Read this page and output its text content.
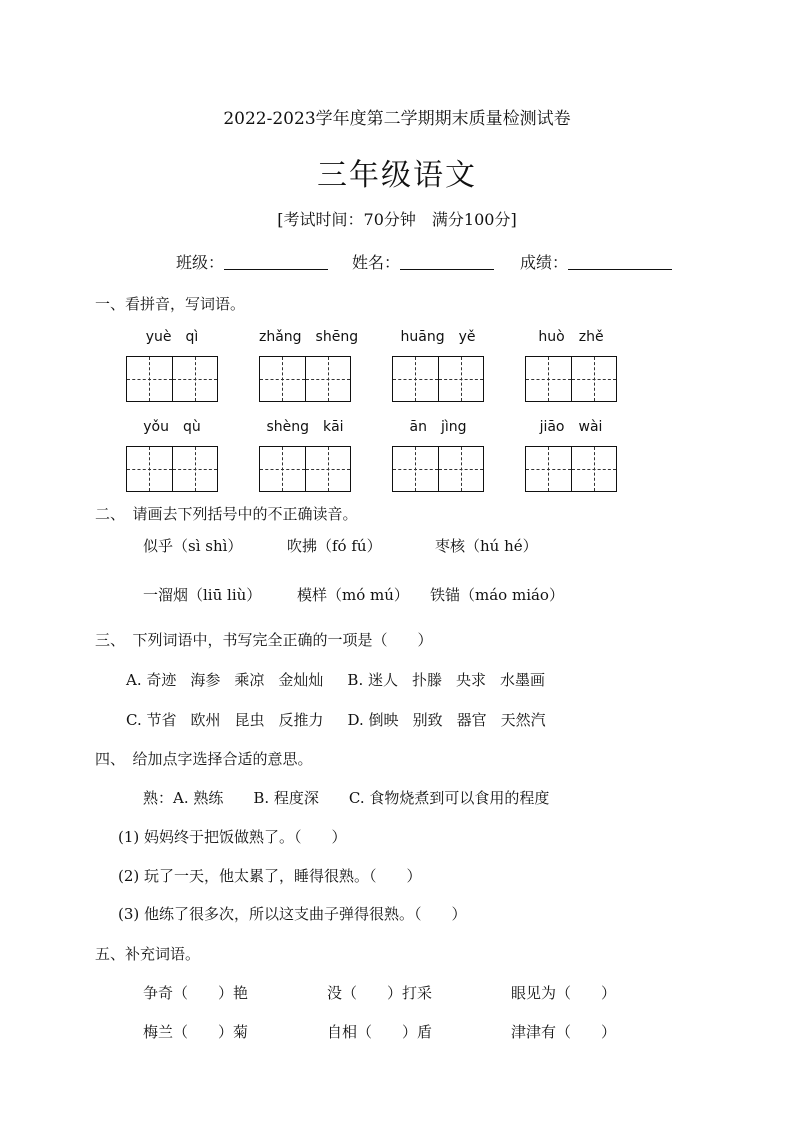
2022-2023学年度第二学期期末质量检测试卷
三年级语文
[考试时间：70分钟　满分100分]
班级：	姓名：	成绩：
一、看拼音，写词语。
yuè　qì	zhǎng　shēng	huāng　yě	huò　zhě
yǒu　qù	shèng　kāi	ān　jìng	jiāo　wài
二、　请画去下列括号中的不正确读音。
似乎（sì shì）	吹拂（fó fú）	枣核（hú hé）
一溜烟（liū liù） 模样（mó mú） 铁锚（máo miáo）
三、　下列词语中，书写完全正确的一项是（　　）
A. 奇迹 海参 乘凉 金灿灿 B. 迷人 扑滕 央求 水墨画
C. 节省 欧州 昆虫 反推力 D. 倒映 别致 器官 天然汽
四、　给加点字选择合适的意思。
熟：A. 熟练　　B. 程度深　　C. 食物烧煮到可以食用的程度
(1) 妈妈终于把饭做熟了。（　　）
(2) 玩了一天，他太累了，睡得很熟。（　　）
(3) 他练了很多次，所以这支曲子弹得很熟。（　　）
五、补充词语。
争奇（　　）艳	没（　　）打采	眼见为（　　）
梅兰（　　）菊	自相（　　）盾	津津有（　　）
